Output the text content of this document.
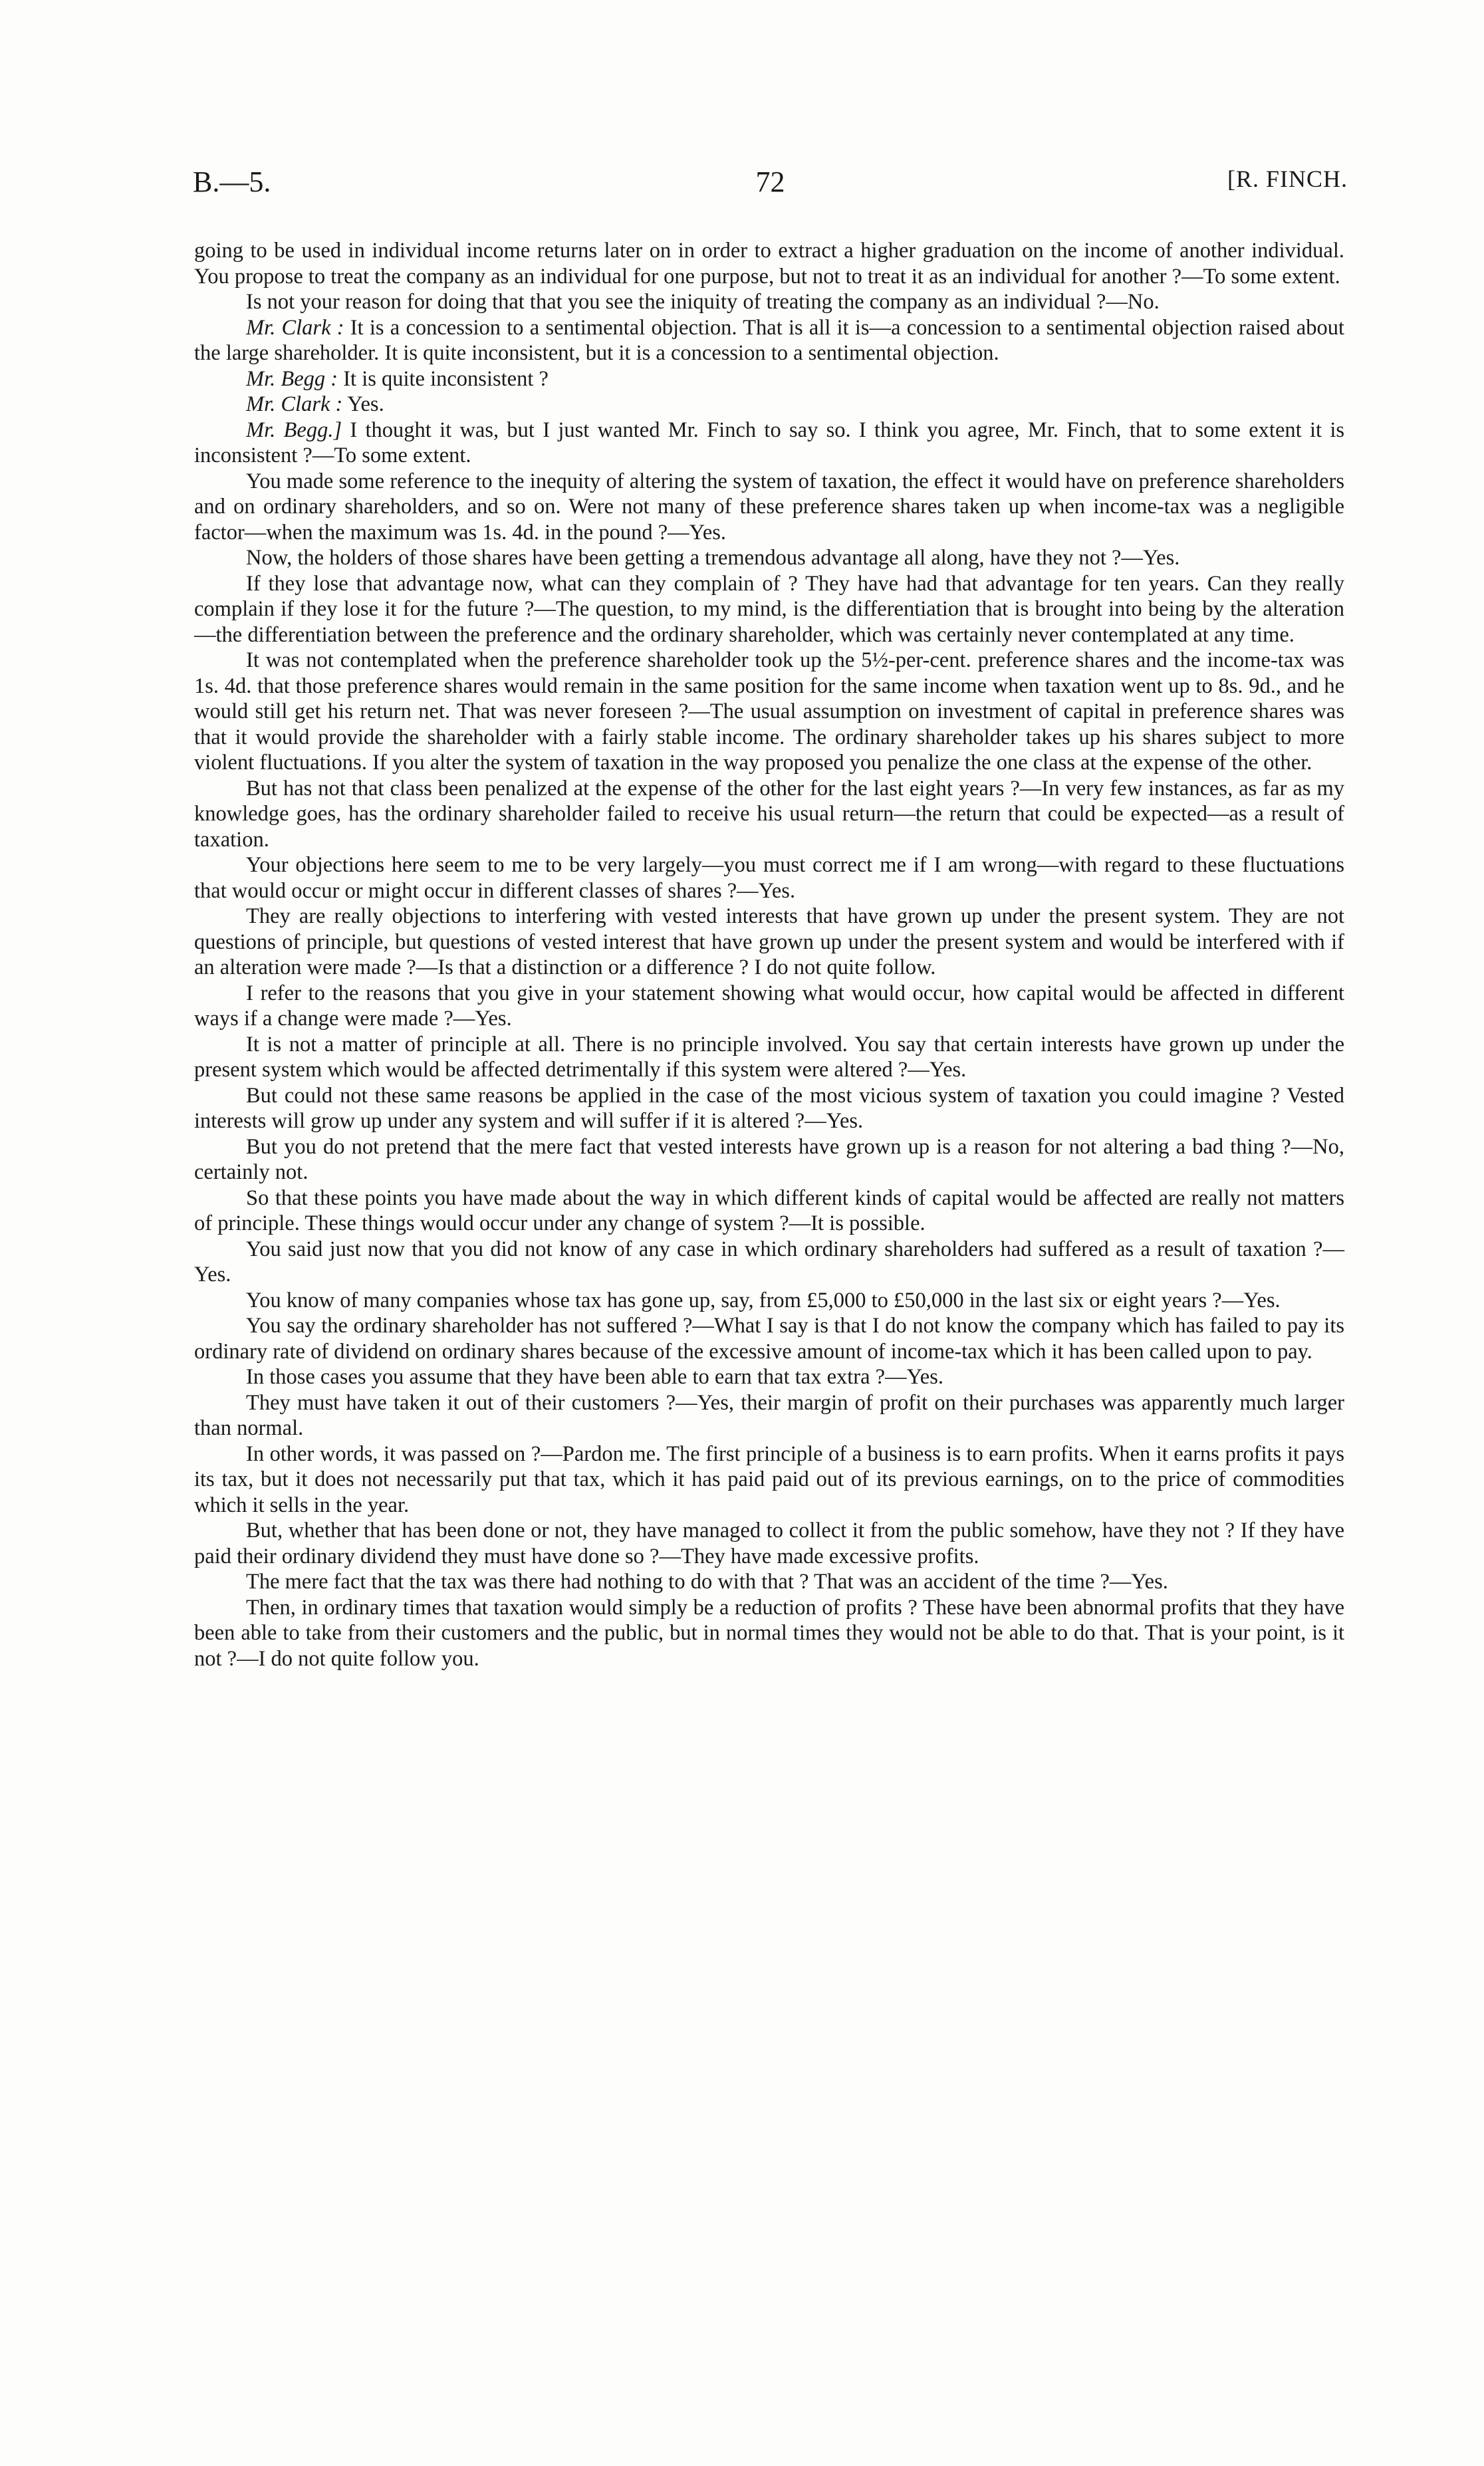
B.—5.	72	[R. FINCH.

going to be used in individual income returns later on in order to extract a higher graduation on the income of another individual. You propose to treat the company as an individual for one purpose, but not to treat it as an individual for another ?—To some extent.

Is not your reason for doing that that you see the iniquity of treating the company as an individual ?—No.

Mr. Clark : It is a concession to a sentimental objection. That is all it is—a concession to a sentimental objection raised about the large shareholder. It is quite inconsistent, but it is a concession to a sentimental objection.

Mr. Begg : It is quite inconsistent ?

Mr. Clark : Yes.

Mr. Begg.] I thought it was, but I just wanted Mr. Finch to say so. I think you agree, Mr. Finch, that to some extent it is inconsistent ?—To some extent.

You made some reference to the inequity of altering the system of taxation, the effect it would have on preference shareholders and on ordinary shareholders, and so on. Were not many of these preference shares taken up when income-tax was a negligible factor—when the maximum was 1s. 4d. in the pound ?—Yes.

Now, the holders of those shares have been getting a tremendous advantage all along, have they not ?—Yes.

If they lose that advantage now, what can they complain of ? They have had that advantage for ten years. Can they really complain if they lose it for the future ?—The question, to my mind, is the differentiation that is brought into being by the alteration—the differentiation between the preference and the ordinary shareholder, which was certainly never contemplated at any time.

It was not contemplated when the preference shareholder took up the 5½-per-cent. preference shares and the income-tax was 1s. 4d. that those preference shares would remain in the same position for the same income when taxation went up to 8s. 9d., and he would still get his return net. That was never foreseen ?—The usual assumption on investment of capital in preference shares was that it would provide the shareholder with a fairly stable income. The ordinary shareholder takes up his shares subject to more violent fluctuations. If you alter the system of taxation in the way proposed you penalize the one class at the expense of the other.

But has not that class been penalized at the expense of the other for the last eight years ?—In very few instances, as far as my knowledge goes, has the ordinary shareholder failed to receive his usual return—the return that could be expected—as a result of taxation.

Your objections here seem to me to be very largely—you must correct me if I am wrong—with regard to these fluctuations that would occur or might occur in different classes of shares ?—Yes.

They are really objections to interfering with vested interests that have grown up under the present system. They are not questions of principle, but questions of vested interest that have grown up under the present system and would be interfered with if an alteration were made ?—Is that a distinction or a difference ? I do not quite follow.

I refer to the reasons that you give in your statement showing what would occur, how capital would be affected in different ways if a change were made ?—Yes.

It is not a matter of principle at all. There is no principle involved. You say that certain interests have grown up under the present system which would be affected detrimentally if this system were altered ?—Yes.

But could not these same reasons be applied in the case of the most vicious system of taxation you could imagine ? Vested interests will grow up under any system and will suffer if it is altered ?—Yes.

But you do not pretend that the mere fact that vested interests have grown up is a reason for not altering a bad thing ?—No, certainly not.

So that these points you have made about the way in which different kinds of capital would be affected are really not matters of principle. These things would occur under any change of system ?—It is possible.

You said just now that you did not know of any case in which ordinary shareholders had suffered as a result of taxation ?—Yes.

You know of many companies whose tax has gone up, say, from £5,000 to £50,000 in the last six or eight years ?—Yes.

You say the ordinary shareholder has not suffered ?—What I say is that I do not know the company which has failed to pay its ordinary rate of dividend on ordinary shares because of the excessive amount of income-tax which it has been called upon to pay.

In those cases you assume that they have been able to earn that tax extra ?—Yes.

They must have taken it out of their customers ?—Yes, their margin of profit on their purchases was apparently much larger than normal.

In other words, it was passed on ?—Pardon me. The first principle of a business is to earn profits. When it earns profits it pays its tax, but it does not necessarily put that tax, which it has paid paid out of its previous earnings, on to the price of commodities which it sells in the year.

But, whether that has been done or not, they have managed to collect it from the public somehow, have they not ? If they have paid their ordinary dividend they must have done so ?—They have made excessive profits.

The mere fact that the tax was there had nothing to do with that ? That was an accident of the time ?—Yes.

Then, in ordinary times that taxation would simply be a reduction of profits ? These have been abnormal profits that they have been able to take from their customers and the public, but in normal times they would not be able to do that. That is your point, is it not ?—I do not quite follow you.
